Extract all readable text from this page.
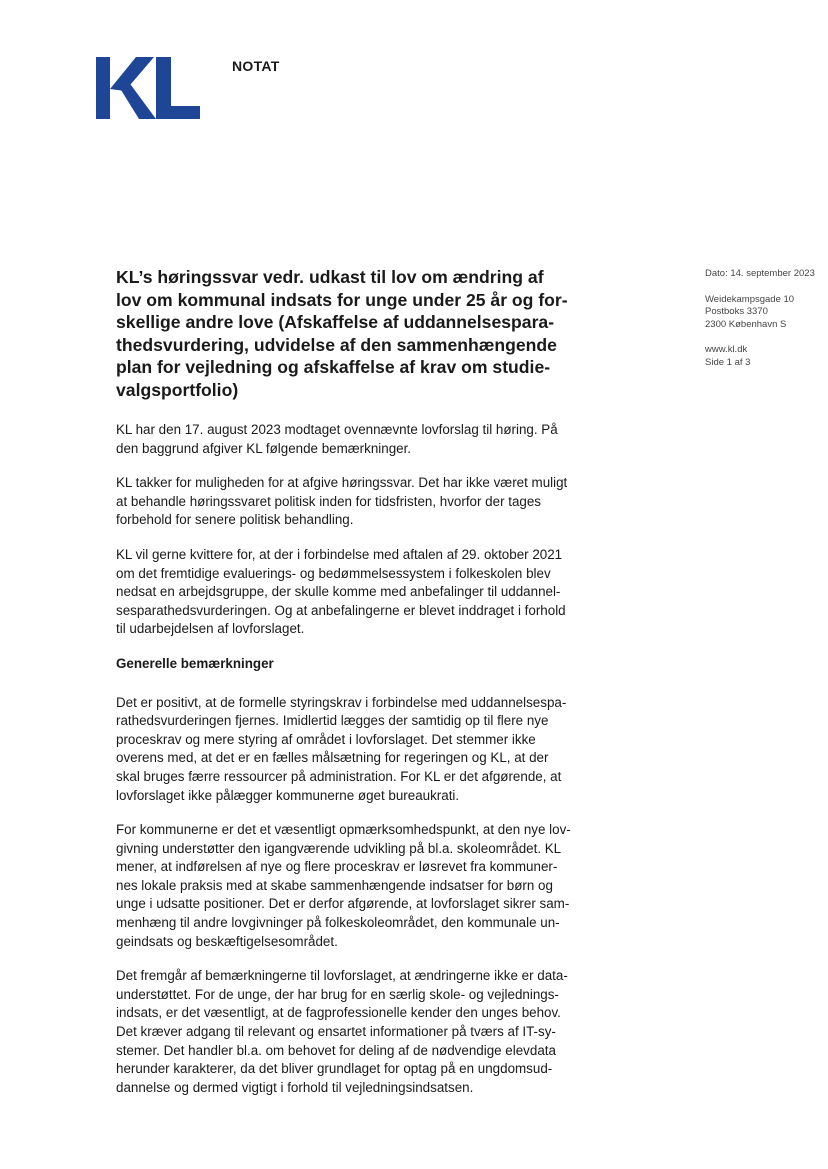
NOTAT
Dato: 14. september 2023
Weidekampsgade 10
Postboks 3370
2300 København S
www.kl.dk
Side 1 af 3
KL’s høringssvar vedr. udkast til lov om ændring af
lov om kommunal indsats for unge under 25 år og for-
skellige andre love (Afskaffelse af uddannelsespara-
thedsvurdering, udvidelse af den sammenhængende
plan for vejledning og afskaffelse af krav om studie-
valgsportfolio)

KL har den 17. august 2023 modtaget ovennævnte lovforslag til høring. På
den baggrund afgiver KL følgende bemærkninger.

KL takker for muligheden for at afgive høringssvar. Det har ikke været muligt
at behandle høringssvaret politisk inden for tidsfristen, hvorfor der tages
forbehold for senere politisk behandling.

KL vil gerne kvittere for, at der i forbindelse med aftalen af 29. oktober 2021
om det fremtidige evaluerings- og bedømmelsessystem i folkeskolen blev
nedsat en arbejdsgruppe, der skulle komme med anbefalinger til uddannel-
sesparathedsvurderingen. Og at anbefalingerne er blevet inddraget i forhold
til udarbejdelsen af lovforslaget.

Generelle bemærkninger

Det er positivt, at de formelle styringskrav i forbindelse med uddannelsespa-
rathedsvurderingen fjernes. Imidlertid lægges der samtidig op til flere nye
proceskrav og mere styring af området i lovforslaget. Det stemmer ikke
overens med, at det er en fælles målsætning for regeringen og KL, at der
skal bruges færre ressourcer på administration. For KL er det afgørende, at
lovforslaget ikke pålægger kommunerne øget bureaukrati.

For kommunerne er det et væsentligt opmærksomhedspunkt, at den nye lov-
givning understøtter den igangværende udvikling på bl.a. skoleområdet. KL
mener, at indførelsen af nye og flere proceskrav er løsrevet fra kommuner-
nes lokale praksis med at skabe sammenhængende indsatser for børn og
unge i udsatte positioner. Det er derfor afgørende, at lovforslaget sikrer sam-
menhæng til andre lovgivninger på folkeskoleområdet, den kommunale un-
geindsats og beskæftigelsesområdet.

Det fremgår af bemærkningerne til lovforslaget, at ændringerne ikke er data-
understøttet. For de unge, der har brug for en særlig skole- og vejlednings-
indsats, er det væsentligt, at de fagprofessionelle kender den unges behov.
Det kræver adgang til relevant og ensartet informationer på tværs af IT-sy-
stemer. Det handler bl.a. om behovet for deling af de nødvendige elevdata
herunder karakterer, da det bliver grundlaget for optag på en ungdomsud-
dannelse og dermed vigtigt i forhold til vejledningsindsatsen.
